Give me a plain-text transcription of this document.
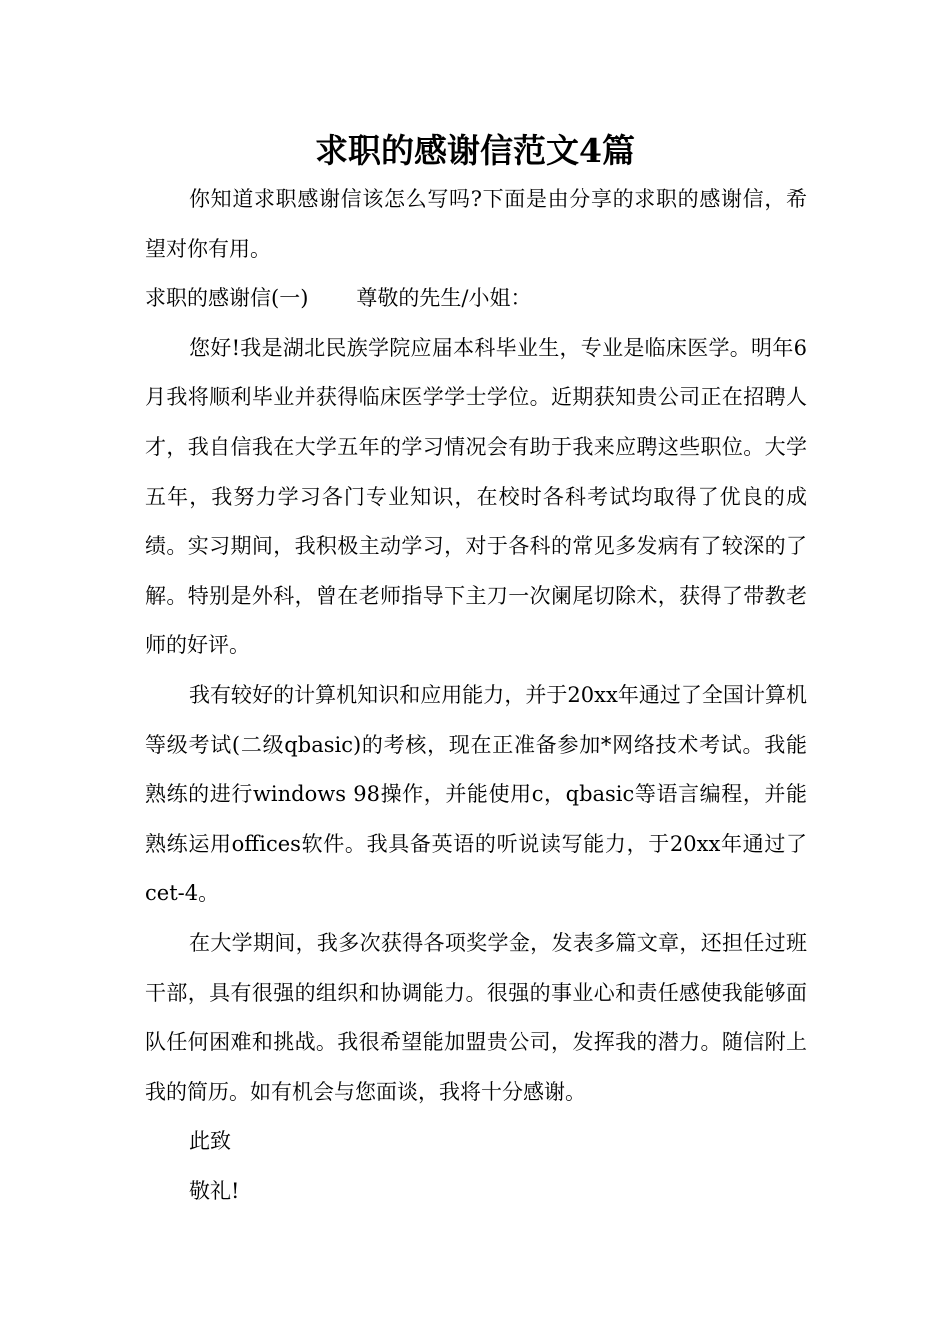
求职的感谢信范文4篇

你知道求职感谢信该怎么写吗?下面是由分享的求职的感谢信，希望对你有用。

求职的感谢信(一) 尊敬的先生/小姐：

您好!我是湖北民族学院应届本科毕业生，专业是临床医学。明年6月我将顺利毕业并获得临床医学学士学位。近期获知贵公司正在招聘人才，我自信我在大学五年的学习情况会有助于我来应聘这些职位。大学五年，我努力学习各门专业知识，在校时各科考试均取得了优良的成绩。实习期间，我积极主动学习，对于各科的常见多发病有了较深的了解。特别是外科，曾在老师指导下主刀一次阑尾切除术，获得了带教老师的好评。

我有较好的计算机知识和应用能力，并于20xx年通过了全国计算机等级考试(二级qbasic)的考核，现在正准备参加*网络技术考试。我能熟练的进行windows 98操作，并能使用c，qbasic等语言编程，并能熟练运用offices软件。我具备英语的听说读写能力，于20xx年通过了cet-4。

在大学期间，我多次获得各项奖学金，发表多篇文章，还担任过班干部，具有很强的组织和协调能力。很强的事业心和责任感使我能够面队任何困难和挑战。我很希望能加盟贵公司，发挥我的潜力。随信附上我的简历。如有机会与您面谈，我将十分感谢。

此致

敬礼!
